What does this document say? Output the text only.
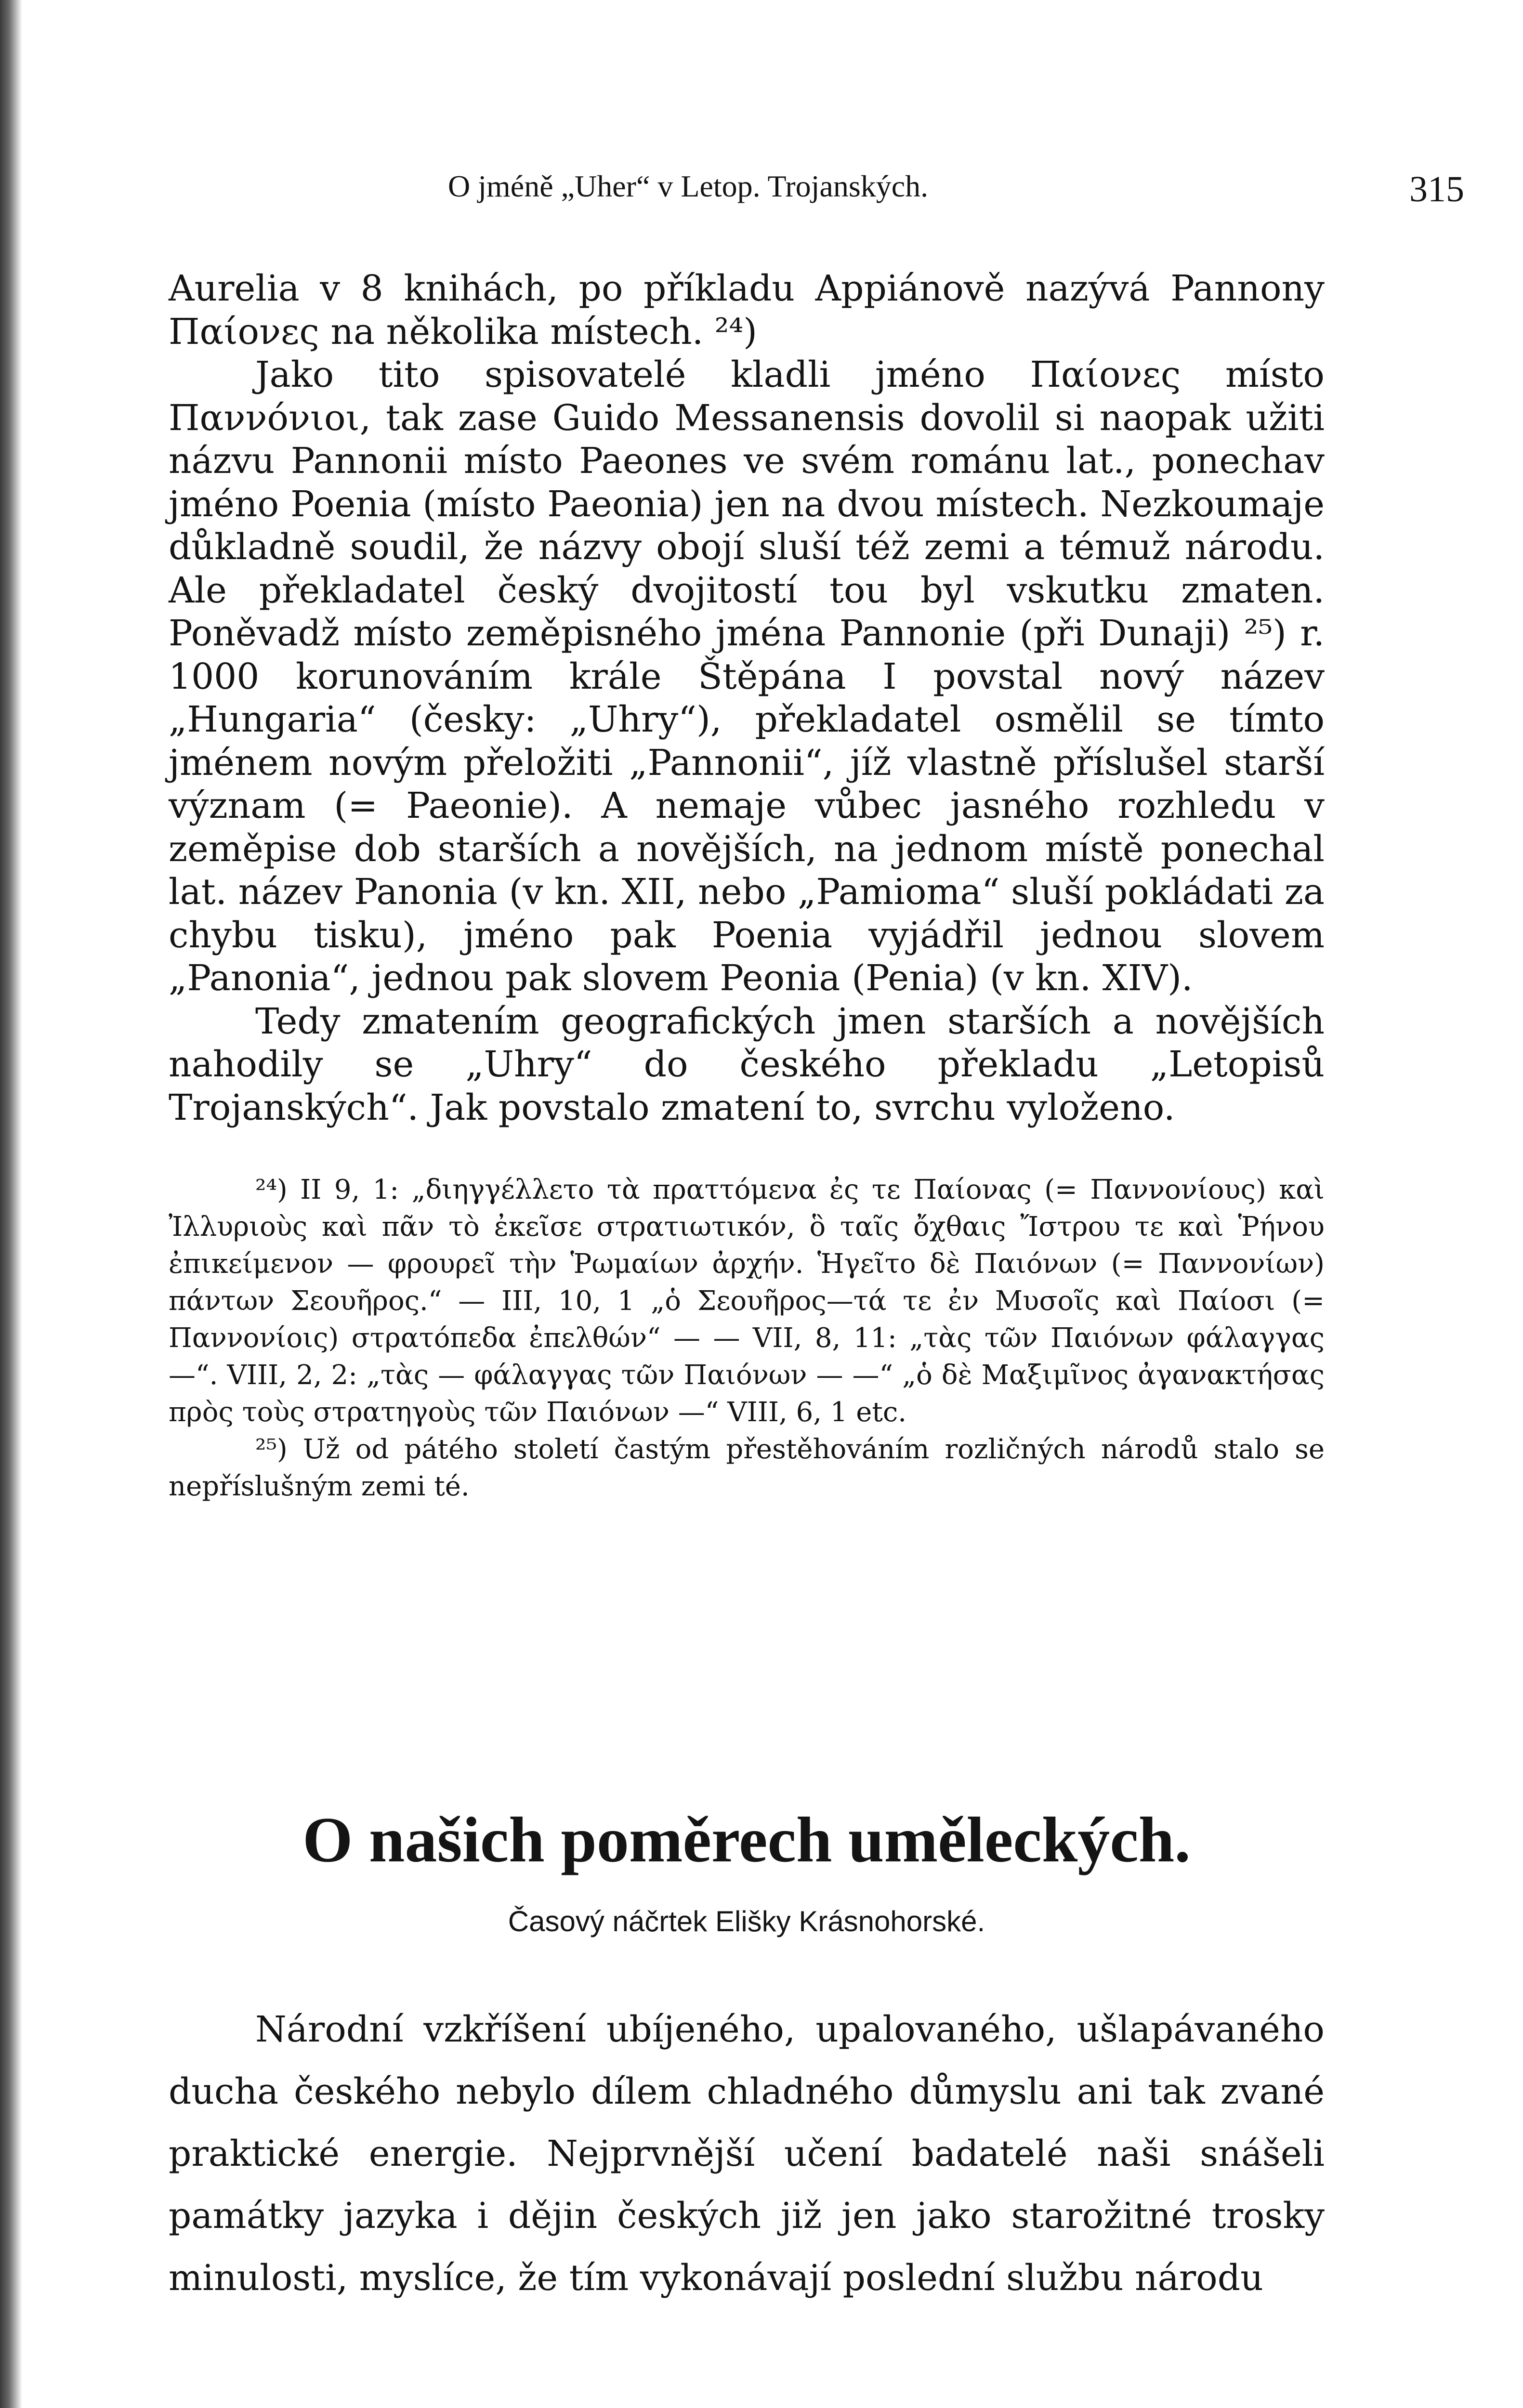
O jméně „Uher“ v Letop. Trojanských.	315

Aurelia v 8 knihách, po příkladu Appiánově nazývá Pannony Παίονες na několika místech. ²⁴)

Jako tito spisovatelé kladli jméno Παίονες místo Παννόνιοι, tak zase Guido Messanensis dovolil si naopak užiti názvu Pannonii místo Paeones ve svém románu lat., ponechav jméno Poenia (místo Paeonia) jen na dvou místech. Nezkoumaje důkladně soudil, že názvy obojí sluší též zemi a témuž národu. Ale překladatel český dvojitostí tou byl vskutku zmaten. Poněvadž místo zeměpisného jména Pannonie (při Dunaji) ²⁵) r. 1000 korunováním krále Štěpána I povstal nový název „Hungaria“ (česky: „Uhry“), překladatel osmělil se tímto jménem novým přeložiti „Pannonii“, jíž vlastně příslušel starší význam (= Paeonie). A nemaje vůbec jasného rozhledu v zeměpise dob starších a novějších, na jednom místě ponechal lat. název Panonia (v kn. XII, nebo „Pamioma“ sluší pokládati za chybu tisku), jméno pak Poenia vyjádřil jednou slovem „Panonia“, jednou pak slovem Peonia (Penia) (v kn. XIV).

Tedy zmatením geografických jmen starších a novějších nahodily se „Uhry“ do českého překladu „Letopisů Trojanských“. Jak povstalo zmatení to, svrchu vyloženo.

²⁴) II 9, 1: „διηγγέλλετο τὰ πραττόμενα ἐς τε Παίονας (= Παννονίους) καὶ Ἰλλυριοὺς καὶ πᾶν τὸ ἐκεῖσε στρατιωτικόν, ὃ ταῖς ὄχθαις Ἴστρου τε καὶ Ῥήνου ἐπικείμενον — φρουρεῖ τὴν Ῥωμαίων ἀρχήν. Ἡγεῖτο δὲ Παιόνων (= Παννονίων) πάντων Σεουῆρος.“ — III, 10, 1 „ὁ Σεουῆρος—τά τε ἐν Μυσοῖς καὶ Παίοσι (= Παννονίοις) στρατόπεδα ἐπελθών“ — — VII, 8, 11: „τὰς τῶν Παιόνων φάλαγγας —“. VIII, 2, 2: „τὰς — φάλαγγας τῶν Παιόνων — —“ „ὁ δὲ Μαξιμῖνος ἀγανακτήσας πρὸς τοὺς στρατηγοὺς τῶν Παιόνων —“ VIII, 6, 1 etc.

²⁵) Už od pátého století častým přestěhováním rozličných národů stalo se nepříslušným zemi té.

O našich poměrech uměleckých.
Časový náčrtek Elišky Krásnohorské.
Národní vzkříšení ubíjeného, upalovaného, ušlapávaného ducha českého nebylo dílem chladného důmyslu ani tak zvané praktické energie. Nejprvnější učení badatelé naši snášeli památky jazyka i dějin českých již jen jako starožitné trosky minulosti, myslíce, že tím vykonávají poslední službu národu
